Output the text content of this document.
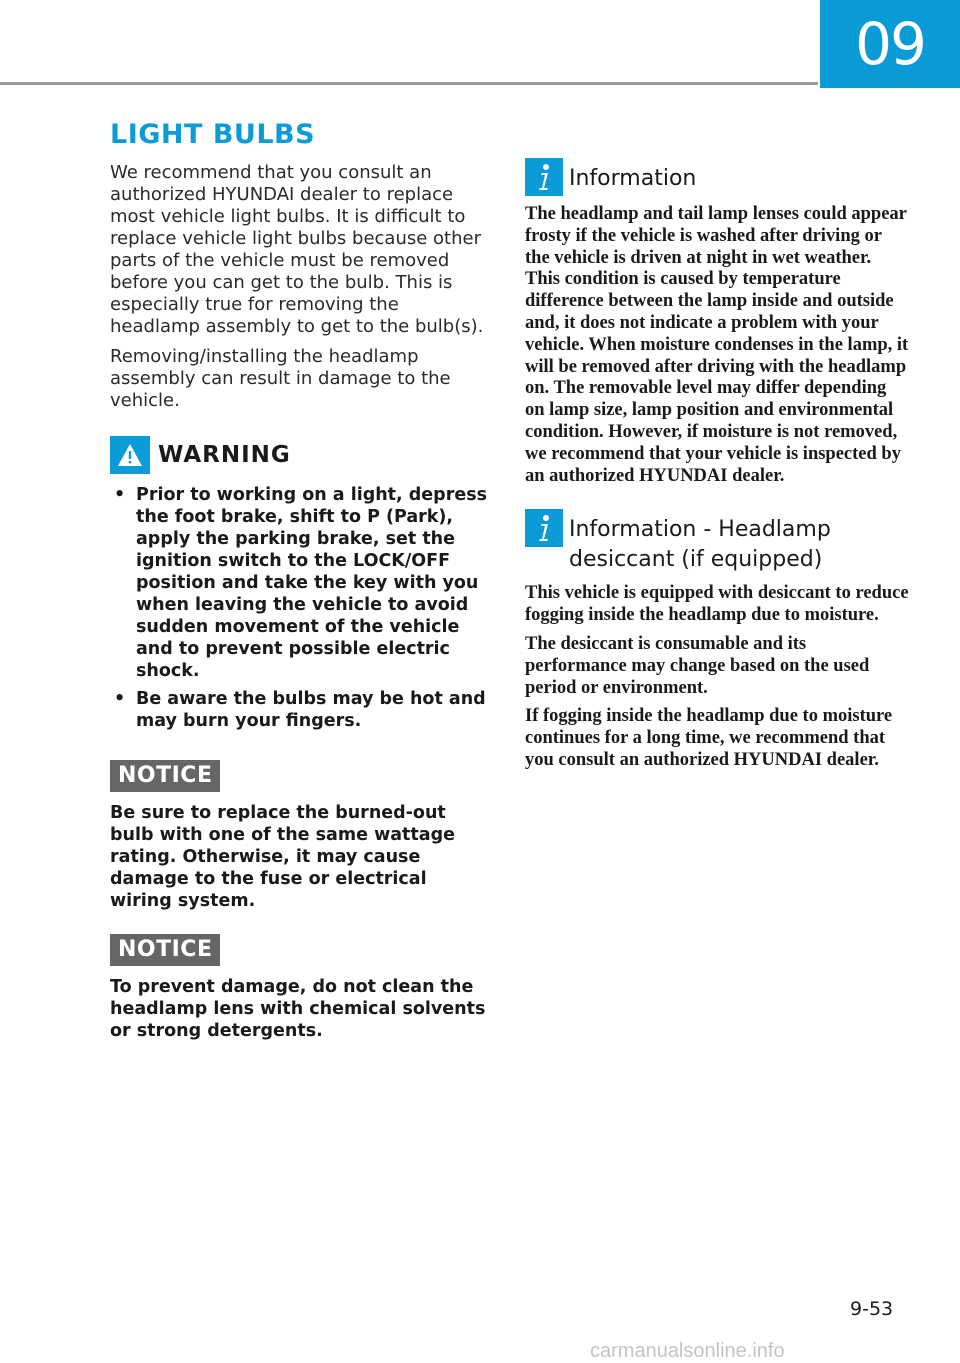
09
LIGHT BULBS

We recommend that you consult an authorized HYUNDAI dealer to replace most vehicle light bulbs. It is difficult to replace vehicle light bulbs because other parts of the vehicle must be removed before you can get to the bulb. This is especially true for removing the headlamp assembly to get to the bulb(s).

Removing/installing the headlamp assembly can result in damage to the vehicle.

WARNING
• Prior to working on a light, depress the foot brake, shift to P (Park), apply the parking brake, set the ignition switch to the LOCK/OFF position and take the key with you when leaving the vehicle to avoid sudden movement of the vehicle and to prevent possible electric shock.
• Be aware the bulbs may be hot and may burn your fingers.
NOTICE

Be sure to replace the burned-out bulb with one of the same wattage rating. Otherwise, it may cause damage to the fuse or electrical wiring system.

NOTICE

To prevent damage, do not clean the headlamp lens with chemical solvents or strong detergents.

Information

The headlamp and tail lamp lenses could appear frosty if the vehicle is washed after driving or the vehicle is driven at night in wet weather. This condition is caused by temperature difference between the lamp inside and outside and, it does not indicate a problem with your vehicle. When moisture condenses in the lamp, it will be removed after driving with the headlamp on. The removable level may differ depending on lamp size, lamp position and environmental condition. However, if moisture is not removed, we recommend that your vehicle is inspected by an authorized HYUNDAI dealer.

Information - Headlamp desiccant (if equipped)

This vehicle is equipped with desiccant to reduce fogging inside the headlamp due to moisture.

The desiccant is consumable and its performance may change based on the used period or environment.

If fogging inside the headlamp due to moisture continues for a long time, we recommend that you consult an authorized HYUNDAI dealer.

9-53
carmanualsonline.info
